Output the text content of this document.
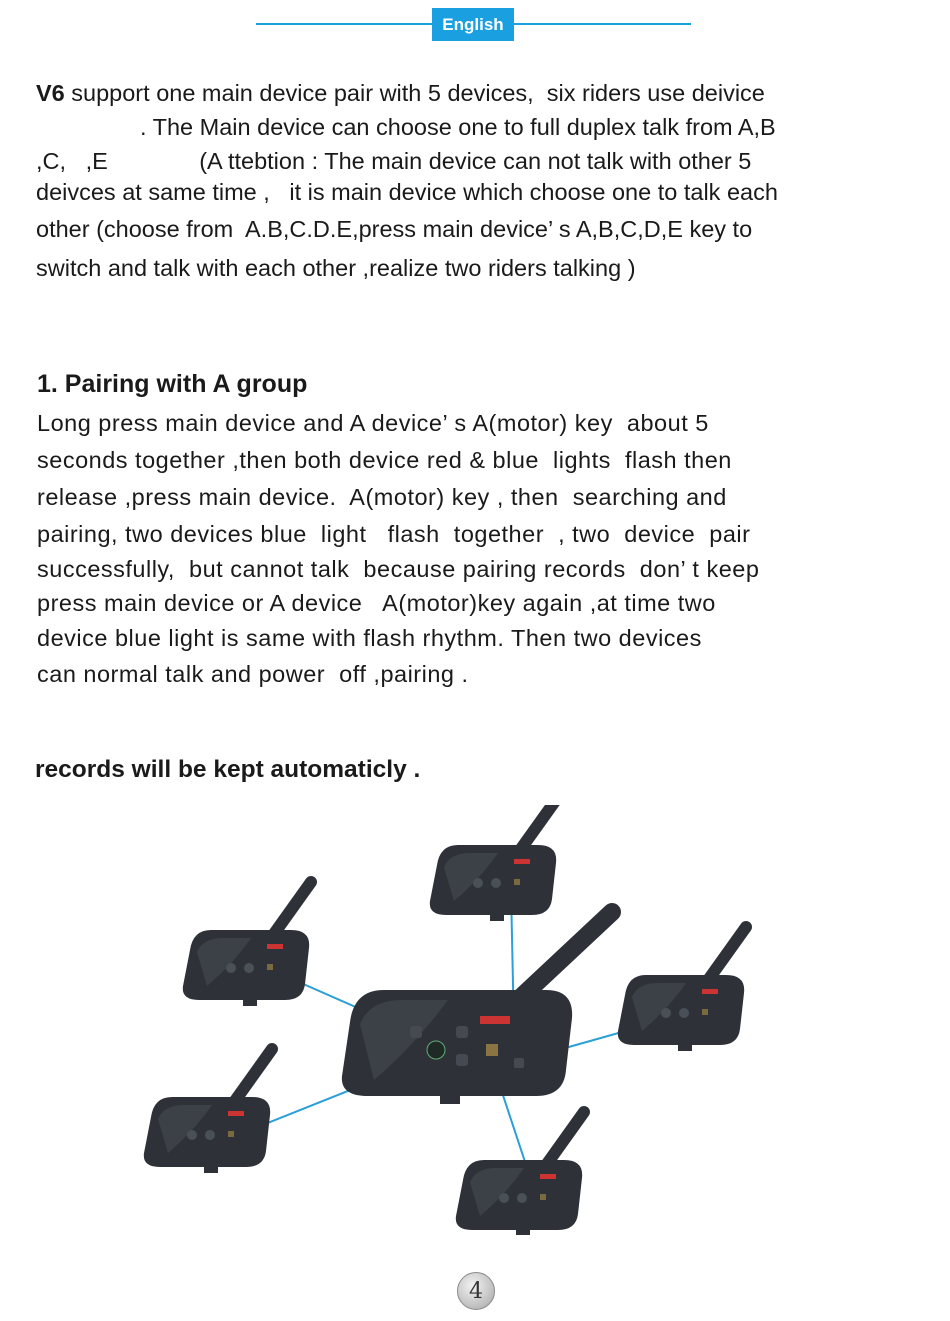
English
V6 support one main device pair with 5 devices,  six riders use deivice
. The Main device can choose one to full duplex talk from A,B
,C,   ,E              (A ttebtion : The main device can not talk with other 5
deivces at same time ,   it is main device which choose one to talk each
other (choose from  A.B,C.D.E,press main device’ s A,B,C,D,E key to
switch and talk with each other ,realize two riders talking )
1. Pairing with A group
Long press main device and A device’ s A(motor) key  about 5
seconds together ,then both device red & blue  lights  flash then
release ,press main device.  A(motor) key , then  searching and
pairing, two devices blue  light   flash  together  , two  device  pair
successfully,  but cannot talk  because pairing records  don’ t keep
press main device or A device   A(motor)key again ,at time two
device blue light is same with flash rhythm. Then two devices
can normal talk and power  off ,pairing .
records will be kept automaticly .
4
